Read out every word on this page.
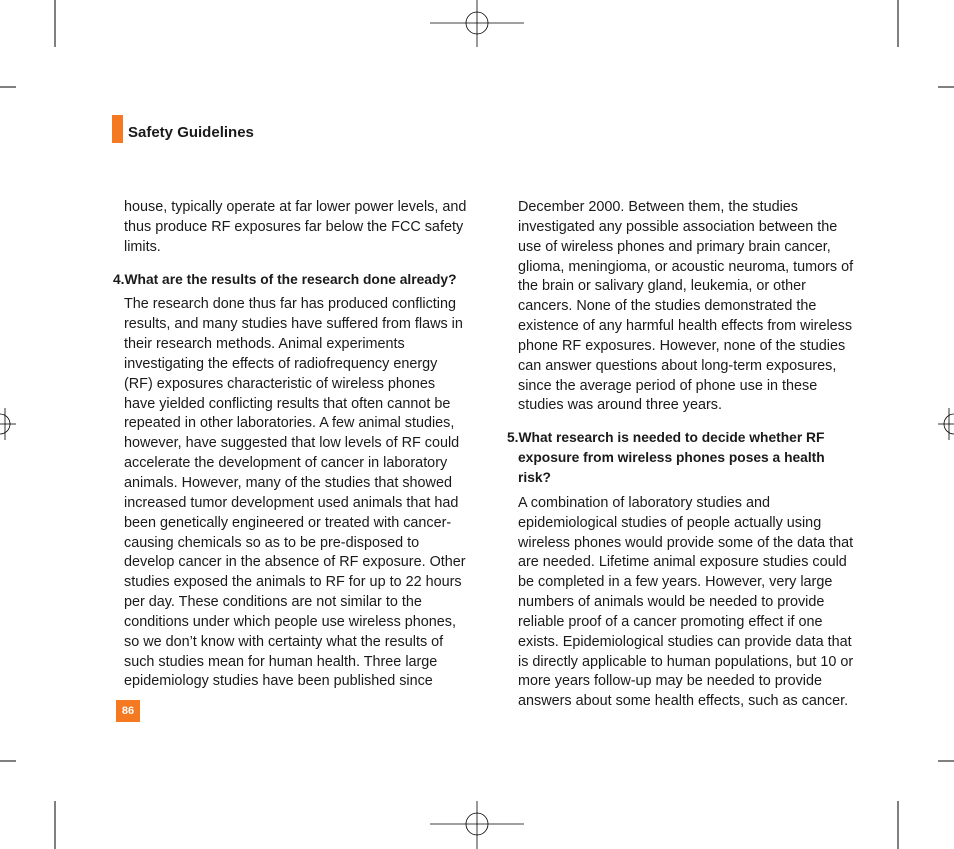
Safety Guidelines

house, typically operate at far lower power levels, and thus produce RF exposures far below the FCC safety limits.

4.What are the results of the research done already?

The research done thus far has produced conflicting results, and many studies have suffered from flaws in their research methods. Animal experiments investigating the effects of radiofrequency energy (RF) exposures characteristic of wireless phones have yielded conflicting results that often cannot be repeated in other laboratories. A few animal studies, however, have suggested that low levels of RF could accelerate the development of cancer in laboratory animals. However, many of the studies that showed increased tumor development used animals that had been genetically engineered or treated with cancer-causing chemicals so as to be pre-disposed to develop cancer in the absence of RF exposure. Other studies exposed the animals to RF for up to 22 hours per day. These conditions are not similar to the conditions under which people use wireless phones, so we don’t know with certainty what the results of such studies mean for human health. Three large epidemiology studies have been published since

December 2000. Between them, the studies investigated any possible association between the use of wireless phones and primary brain cancer, glioma, meningioma, or acoustic neuroma, tumors of the brain or salivary gland, leukemia, or other cancers. None of the studies demonstrated the existence of any harmful health effects from wireless phone RF exposures. However, none of the studies can answer questions about long-term exposures, since the average period of phone use in these studies was around three years.

5.What research is needed to decide whether RF exposure from wireless phones poses a health risk?

A combination of laboratory studies and epidemiological studies of people actually using wireless phones would provide some of the data that are needed. Lifetime animal exposure studies could be completed in a few years. However, very large numbers of animals would be needed to provide reliable proof of a cancer promoting effect if one exists. Epidemiological studies can provide data that is directly applicable to human populations, but 10 or more years follow-up may be needed to provide answers about some health effects, such as cancer.

86
